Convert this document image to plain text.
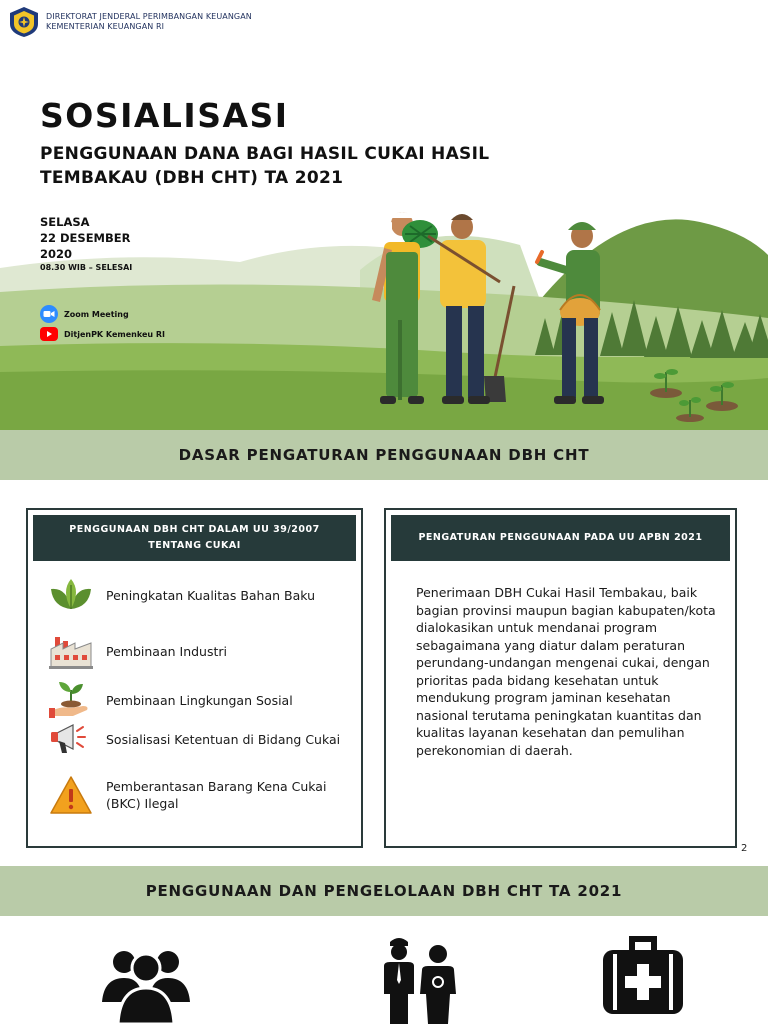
DIREKTORAT JENDERAL PERIMBANGAN KEUANGAN
KEMENTERIAN KEUANGAN RI
SOSIALISASI
PENGGUNAAN DANA BAGI HASIL CUKAI HASIL
TEMBAKAU (DBH CHT) TA 2021
SELASA
22 DESEMBER
2020
08.30 WIB – SELESAI
Zoom Meeting
DitjenPK Kemenkeu RI
DASAR PENGATURAN PENGGUNAAN DBH CHT
PENGGUNAAN DBH CHT DALAM UU 39/2007
TENTANG CUKAI
Peningkatan Kualitas Bahan Baku
Pembinaan Industri
Pembinaan Lingkungan Sosial
Sosialisasi Ketentuan di Bidang Cukai
Pemberantasan Barang Kena Cukai (BKC) Ilegal
PENGATURAN PENGGUNAAN PADA UU APBN 2021
Penerimaan DBH Cukai Hasil Tembakau, baik bagian provinsi maupun bagian kabupaten/kota dialokasikan untuk mendanai program sebagaimana yang diatur dalam peraturan perundang-undangan mengenai cukai, dengan prioritas pada bidang kesehatan untuk mendukung program jaminan kesehatan nasional terutama peningkatan kuantitas dan kualitas layanan kesehatan dan pemulihan perekonomian di daerah.
2
PENGGUNAAN DAN PENGELOLAAN DBH CHT TA 2021
